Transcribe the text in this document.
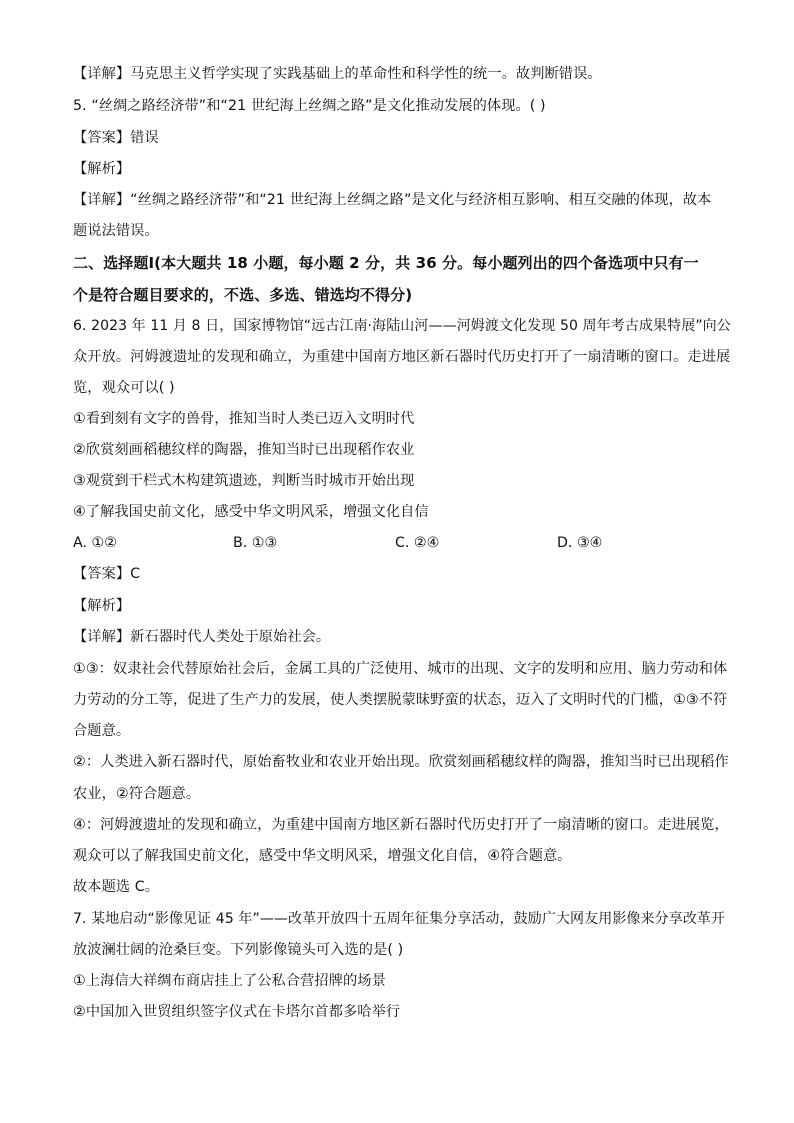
【详解】马克思主义哲学实现了实践基础上的革命性和科学性的统一。故判断错误。
5. “丝绸之路经济带”和“21 世纪海上丝绸之路”是文化推动发展的体现。( )
【答案】错误
【解析】
【详解】“丝绸之路经济带”和“21 世纪海上丝绸之路”是文化与经济相互影响、相互交融的体现，故本
题说法错误。
二、选择题Ⅰ(本大题共 18 小题，每小题 2 分，共 36 分。每小题列出的四个备选项中只有一
个是符合题目要求的，不选、多选、错选均不得分)
6. 2023 年 11 月 8 日，国家博物馆“远古江南·海陆山河——河姆渡文化发现 50 周年考古成果特展”向公
众开放。河姆渡遗址的发现和确立，为重建中国南方地区新石器时代历史打开了一扇清晰的窗口。走进展
览，观众可以( )
①看到刻有文字的兽骨，推知当时人类已迈入文明时代
②欣赏刻画稻穗纹样的陶器，推知当时已出现稻作农业
③观赏到干栏式木构建筑遗迹，判断当时城市开始出现
④了解我国史前文化，感受中华文明风采，增强文化自信
A. ①②	B. ①③	C. ②④	D. ③④
【答案】C
【解析】
【详解】新石器时代人类处于原始社会。
①③：奴隶社会代替原始社会后，金属工具的广泛使用、城市的出现、文字的发明和应用、脑力劳动和体
力劳动的分工等，促进了生产力的发展，使人类摆脱蒙昧野蛮的状态，迈入了文明时代的门槛，①③不符
合题意。
②：人类进入新石器时代，原始畜牧业和农业开始出现。欣赏刻画稻穗纹样的陶器，推知当时已出现稻作
农业，②符合题意。
④：河姆渡遗址的发现和确立，为重建中国南方地区新石器时代历史打开了一扇清晰的窗口。走进展览，
观众可以了解我国史前文化，感受中华文明风采，增强文化自信，④符合题意。
故本题选 C。
7. 某地启动“影像见证 45 年”——改革开放四十五周年征集分享活动，鼓励广大网友用影像来分享改革开
放波澜壮阔的沧桑巨变。下列影像镜头可入选的是( )
①上海信大祥绸布商店挂上了公私合营招牌的场景
②中国加入世贸组织签字仪式在卡塔尔首都多哈举行
